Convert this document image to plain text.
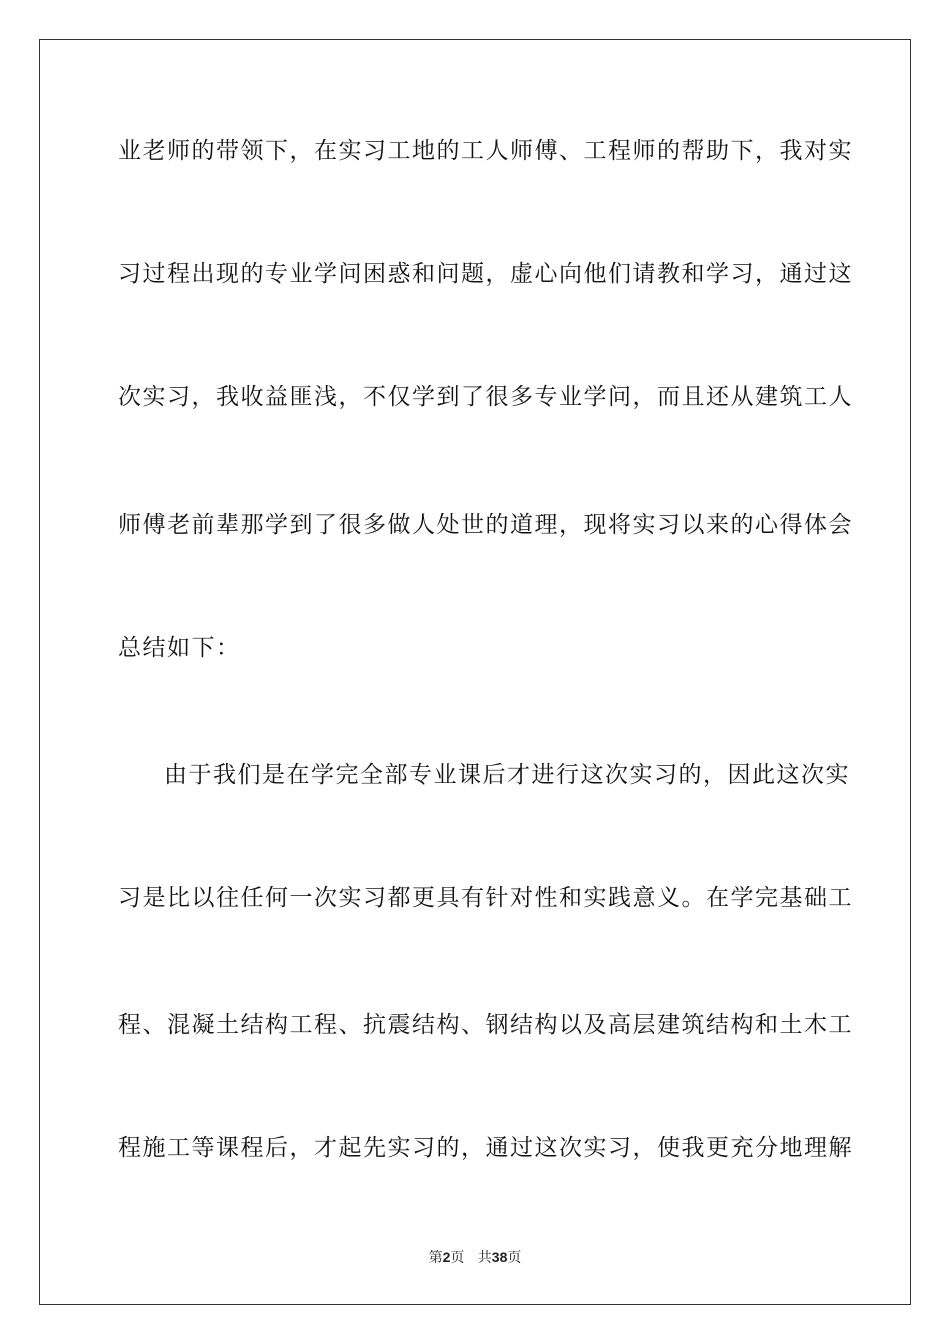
业老师的带领下，在实习工地的工人师傅、工程师的帮助下，我对实
习过程出现的专业学问困惑和问题，虚心向他们请教和学习，通过这
次实习，我收益匪浅，不仅学到了很多专业学问，而且还从建筑工人
师傅老前辈那学到了很多做人处世的道理，现将实习以来的心得体会
总结如下：
由于我们是在学完全部专业课后才进行这次实习的，因此这次实
习是比以往任何一次实习都更具有针对性和实践意义。在学完基础工
程、混凝土结构工程、抗震结构、钢结构以及高层建筑结构和土木工
程施工等课程后，才起先实习的，通过这次实习，使我更充分地理解
第2页 共38页
